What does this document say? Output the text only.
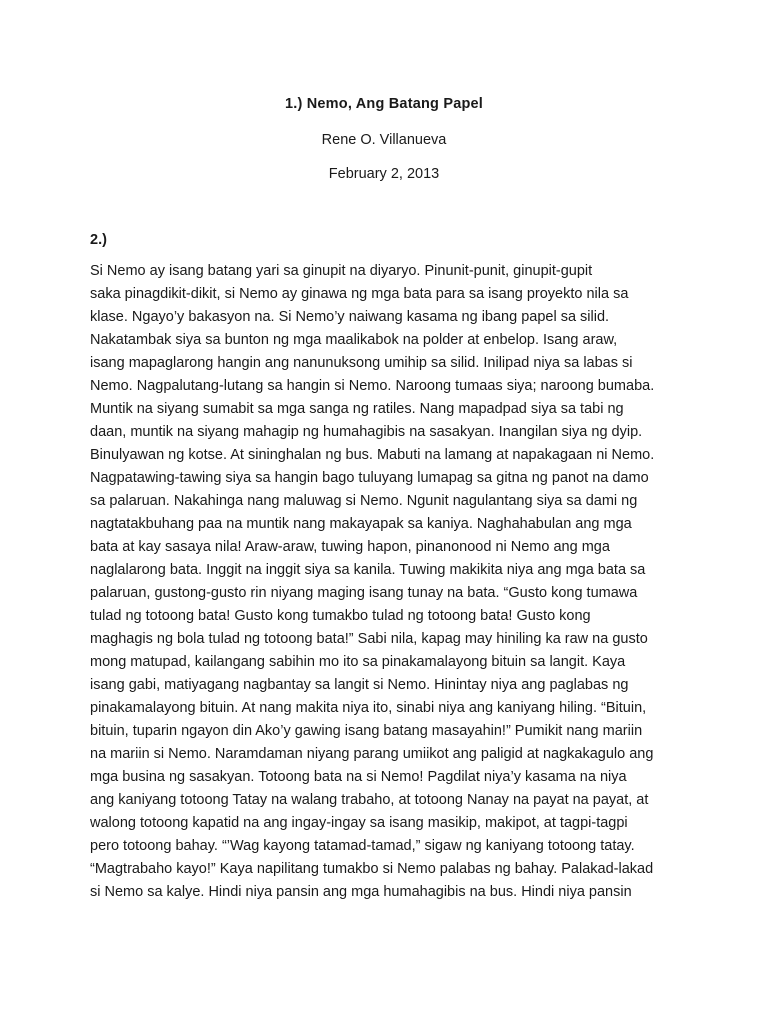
1.) Nemo, Ang Batang Papel
Rene O. Villanueva
February 2, 2013
2.)
Si Nemo ay isang batang yari sa ginupit na diyaryo. Pinunit-punit, ginupit-gupit
saka pinagdikit-dikit, si Nemo ay ginawa ng mga bata para sa isang proyekto nila sa
klase. Ngayo’y bakasyon na. Si Nemo’y naiwang kasama ng ibang papel sa silid.
Nakatambak siya sa bunton ng mga maalikabok na polder at enbelop. Isang araw,
isang mapaglarong hangin ang nanunuksong umihip sa silid. Inilipad niya sa labas si
Nemo. Nagpalutang-lutang sa hangin si Nemo. Naroong tumaas siya; naroong bumaba.
Muntik na siyang sumabit sa mga sanga ng ratiles. Nang mapadpad siya sa tabi ng
daan, muntik na siyang mahagip ng humahagibis na sasakyan. Inangilan siya ng dyip.
Binulyawan ng kotse. At sininghalan ng bus. Mabuti na lamang at napakagaan ni Nemo.
Nagpatawing-tawing siya sa hangin bago tuluyang lumapag sa gitna ng panot na damo
sa palaruan. Nakahinga nang maluwag si Nemo. Ngunit nagulantang siya sa dami ng
nagtatakbuhang paa na muntik nang makayapak sa kaniya. Naghahabulan ang mga
bata at kay sasaya nila! Araw-araw, tuwing hapon, pinanonood ni Nemo ang mga
naglalarong bata. Inggit na inggit siya sa kanila. Tuwing makikita niya ang mga bata sa
palaruan, gustong-gusto rin niyang maging isang tunay na bata. “Gusto kong tumawa
tulad ng totoong bata! Gusto kong tumakbo tulad ng totoong bata! Gusto kong
maghagis ng bola tulad ng totoong bata!” Sabi nila, kapag may hiniling ka raw na gusto
mong matupad, kailangang sabihin mo ito sa pinakamalayong bituin sa langit. Kaya
isang gabi, matiyagang nagbantay sa langit si Nemo. Hinintay niya ang paglabas ng
pinakamalayong bituin. At nang makita niya ito, sinabi niya ang kaniyang hiling. “Bituin,
bituin, tuparin ngayon din Ako’y gawing isang batang masayahin!” Pumikit nang mariin
na mariin si Nemo. Naramdaman niyang parang umiikot ang paligid at nagkakagulo ang
mga busina ng sasakyan. Totoong bata na si Nemo! Pagdilat niya’y kasama na niya
ang kaniyang totoong Tatay na walang trabaho, at totoong Nanay na payat na payat, at
walong totoong kapatid na ang ingay-ingay sa isang masikip, makipot, at tagpi-tagpi
pero totoong bahay. “’Wag kayong tatamad-tamad,” sigaw ng kaniyang totoong tatay.
“Magtrabaho kayo!” Kaya napilitang tumakbo si Nemo palabas ng bahay. Palakad-lakad
si Nemo sa kalye. Hindi niya pansin ang mga humahagibis na bus. Hindi niya pansin
